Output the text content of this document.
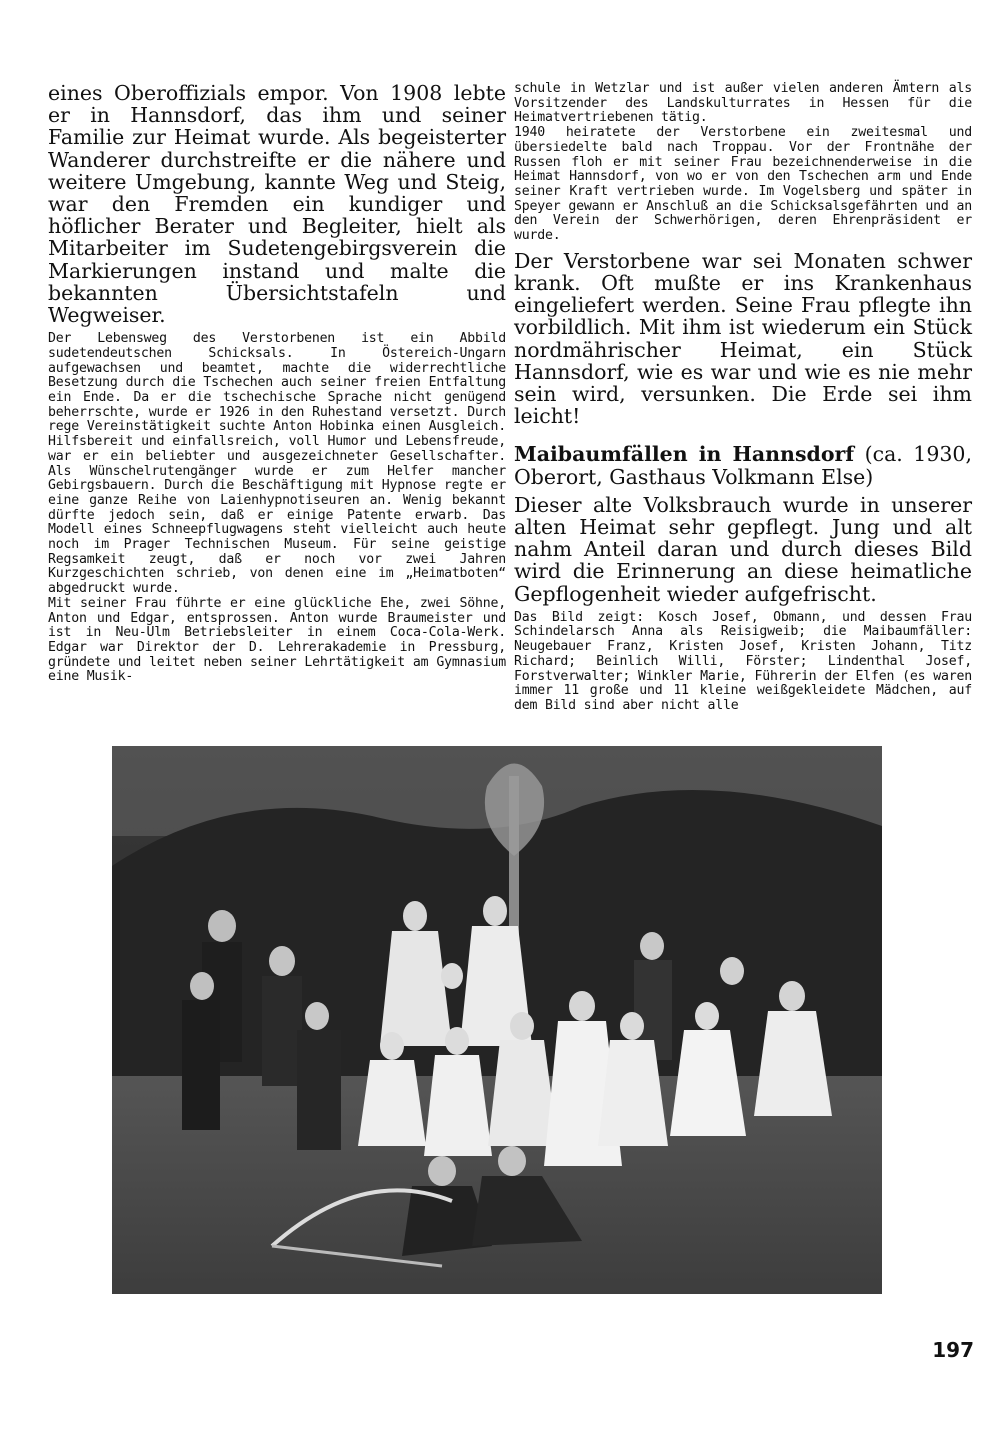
eines Oberoffizials empor. Von 1908 lebte er in Hannsdorf, das ihm und seiner Familie zur Heimat wurde. Als begeisterter Wanderer durchstreifte er die nähere und weitere Umgebung, kannte Weg und Steig, war den Fremden ein kundiger und höflicher Berater und Begleiter, hielt als Mitarbeiter im Sudetengebirgsverein die Markierungen instand und malte die bekannten Übersichtstafeln und Wegweiser.

Der Lebensweg des Verstorbenen ist ein Abbild sudetendeutschen Schicksals. In Östereich-Ungarn aufgewachsen und beamtet, machte die widerrechtliche Besetzung durch die Tschechen auch seiner freien Entfaltung ein Ende. Da er die tschechische Sprache nicht genügend beherrschte, wurde er 1926 in den Ruhestand versetzt. Durch rege Vereinstätigkeit suchte Anton Hobinka einen Ausgleich. Hilfsbereit und einfallsreich, voll Humor und Lebensfreude, war er ein beliebter und ausgezeichneter Gesellschafter. Als Wünschelrutengänger wurde er zum Helfer mancher Gebirgsbauern. Durch die Beschäftigung mit Hypnose regte er eine ganze Reihe von Laienhypnotiseuren an. Wenig bekannt dürfte jedoch sein, daß er einige Patente erwarb. Das Modell eines Schneepflugwagens steht vielleicht auch heute noch im Prager Technischen Museum. Für seine geistige Regsamkeit zeugt, daß er noch vor zwei Jahren Kurzgeschichten schrieb, von denen eine im „Heimatboten“ abgedruckt wurde.

Mit seiner Frau führte er eine glückliche Ehe, zwei Söhne, Anton und Edgar, entsprossen. Anton wurde Braumeister und ist in Neu-Ulm Betriebsleiter in einem Coca-Cola-Werk. Edgar war Direktor der D. Lehrerakademie in Pressburg, gründete und leitet neben seiner Lehrtätigkeit am Gymnasium eine Musik-

schule in Wetzlar und ist außer vielen anderen Ämtern als Vorsitzender des Landskulturrates in Hessen für die Heimatvertriebenen tätig.

1940 heiratete der Verstorbene ein zweitesmal und übersiedelte bald nach Troppau. Vor der Frontnähe der Russen floh er mit seiner Frau bezeichnenderweise in die Heimat Hannsdorf, von wo er von den Tschechen arm und Ende seiner Kraft vertrieben wurde. Im Vogelsberg und später in Speyer gewann er Anschluß an die Schicksalsgefährten und an den Verein der Schwerhörigen, deren Ehrenpräsident er wurde.

Der Verstorbene war sei Monaten schwer krank. Oft mußte er ins Krankenhaus eingeliefert werden. Seine Frau pflegte ihn vorbildlich. Mit ihm ist wiederum ein Stück nordmährischer Heimat, ein Stück Hannsdorf, wie es war und wie es nie mehr sein wird, versunken. Die Erde sei ihm leicht!

Maibaumfällen in Hannsdorf (ca. 1930, Oberort, Gasthaus Volkmann Else)

Dieser alte Volksbrauch wurde in unserer alten Heimat sehr gepflegt. Jung und alt nahm Anteil daran und durch dieses Bild wird die Erinnerung an diese heimatliche Gepflogenheit wieder aufgefrischt.

Das Bild zeigt: Kosch Josef, Obmann, und dessen Frau Schindelarsch Anna als Reisigweib; die Maibaumfäller: Neugebauer Franz, Kristen Josef, Kristen Johann, Titz Richard; Beinlich Willi, Förster; Lindenthal Josef, Forstverwalter; Winkler Marie, Führerin der Elfen (es waren immer 11 große und 11 kleine weißgekleidete Mädchen, auf dem Bild sind aber nicht alle

197
